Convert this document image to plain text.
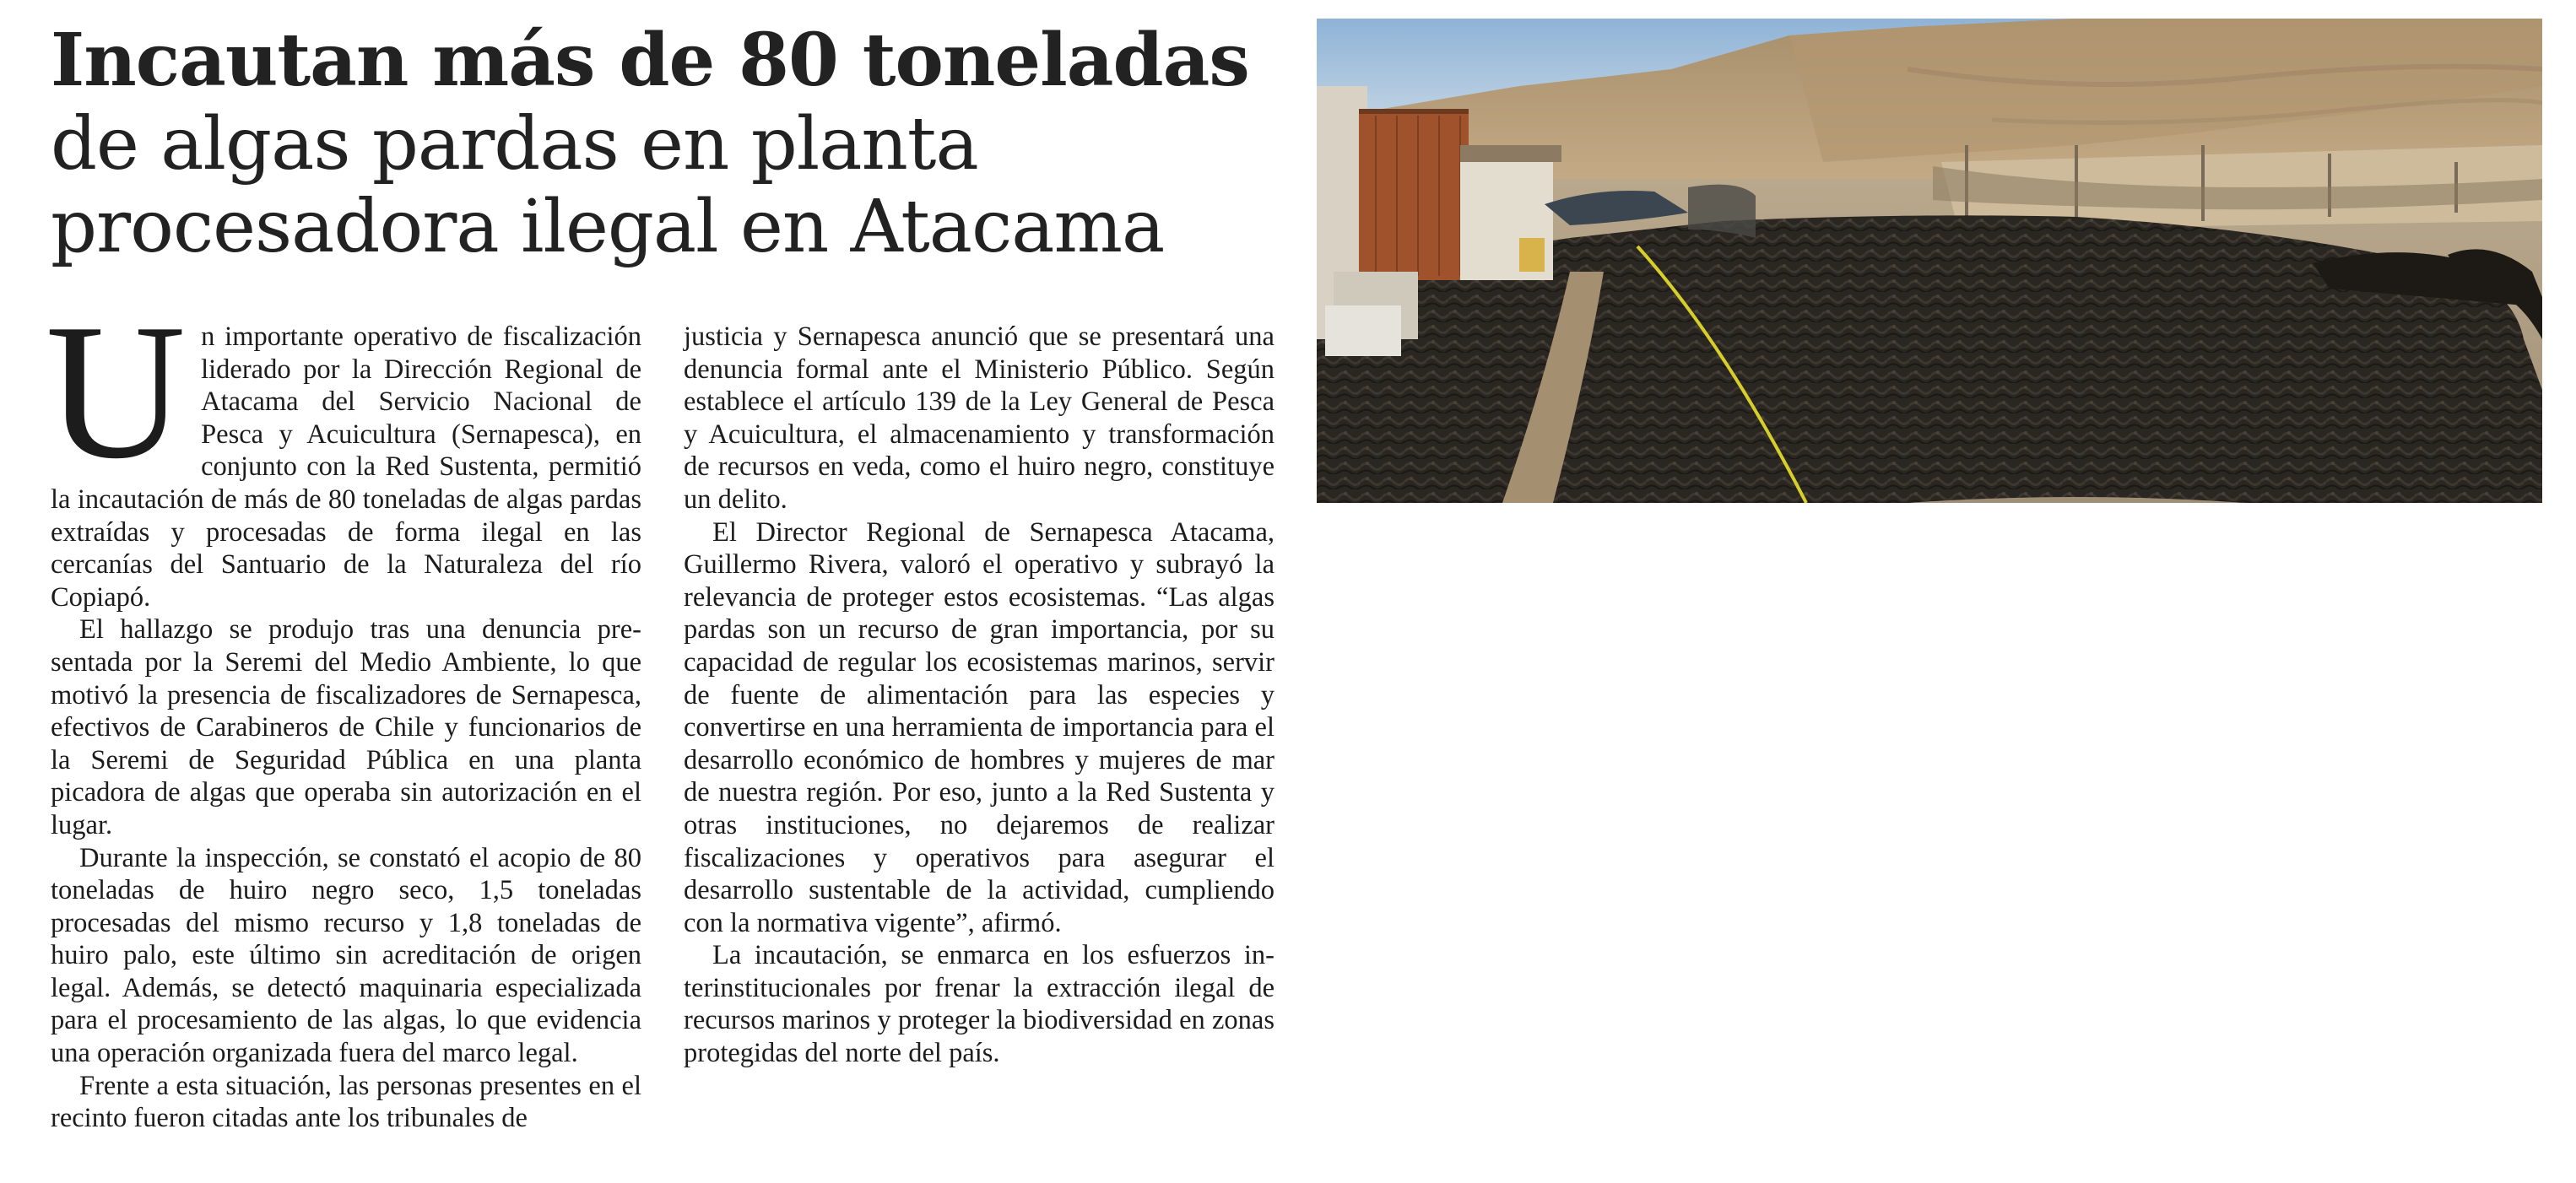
Incautan más de 80 toneladas
de algas pardas en planta
procesadora ilegal en Atacama

Un importante operativo de fiscalización liderado por la Dirección Regional de Atacama del Servicio Nacional de Pesca y Acuicultura (Sernapesca), en conjunto con la Red Sustenta, permitió la incautación de más de 80 toneladas de algas pardas extraídas y procesadas de forma ilegal en las cercanías del Santuario de la Naturaleza del río Copiapó.

El hallazgo se produjo tras una denuncia presentada por la Seremi del Medio Ambiente, lo que motivó la presencia de fiscalizadores de Sernapesca, efectivos de Carabineros de Chile y funcionarios de la Seremi de Seguridad Pública en una planta picadora de algas que operaba sin autorización en el lugar.

Durante la inspección, se constató el acopio de 80 toneladas de huiro negro seco, 1,5 toneladas procesadas del mismo recurso y 1,8 toneladas de huiro palo, este último sin acreditación de origen legal. Además, se detectó maquinaria especializada para el procesamiento de las algas, lo que evidencia una operación organizada fuera del marco legal.

Frente a esta situación, las personas presentes en el recinto fueron citadas ante los tribunales de

justicia y Sernapesca anunció que se presentará una denuncia formal ante el Ministerio Público. Según establece el artículo 139 de la Ley General de Pesca y Acuicultura, el almacenamiento y transformación de recursos en veda, como el huiro negro, constituye un delito.

El Director Regional de Sernapesca Atacama, Guillermo Rivera, valoró el operativo y subrayó la relevancia de proteger estos ecosistemas. “Las algas pardas son un recurso de gran importancia, por su capacidad de regular los ecosistemas marinos, servir de fuente de alimentación para las especies y convertirse en una herramienta de importancia para el desarrollo económico de hombres y mujeres de mar de nuestra región. Por eso, junto a la Red Sustenta y otras instituciones, no dejaremos de realizar fiscalizaciones y operativos para asegurar el desarrollo sustentable de la actividad, cumpliendo con la normativa vigente”, afirmó.

La incautación, se enmarca en los esfuerzos interinstitucionales por frenar la extracción ilegal de recursos marinos y proteger la biodiversidad en zonas protegidas del norte del país.
